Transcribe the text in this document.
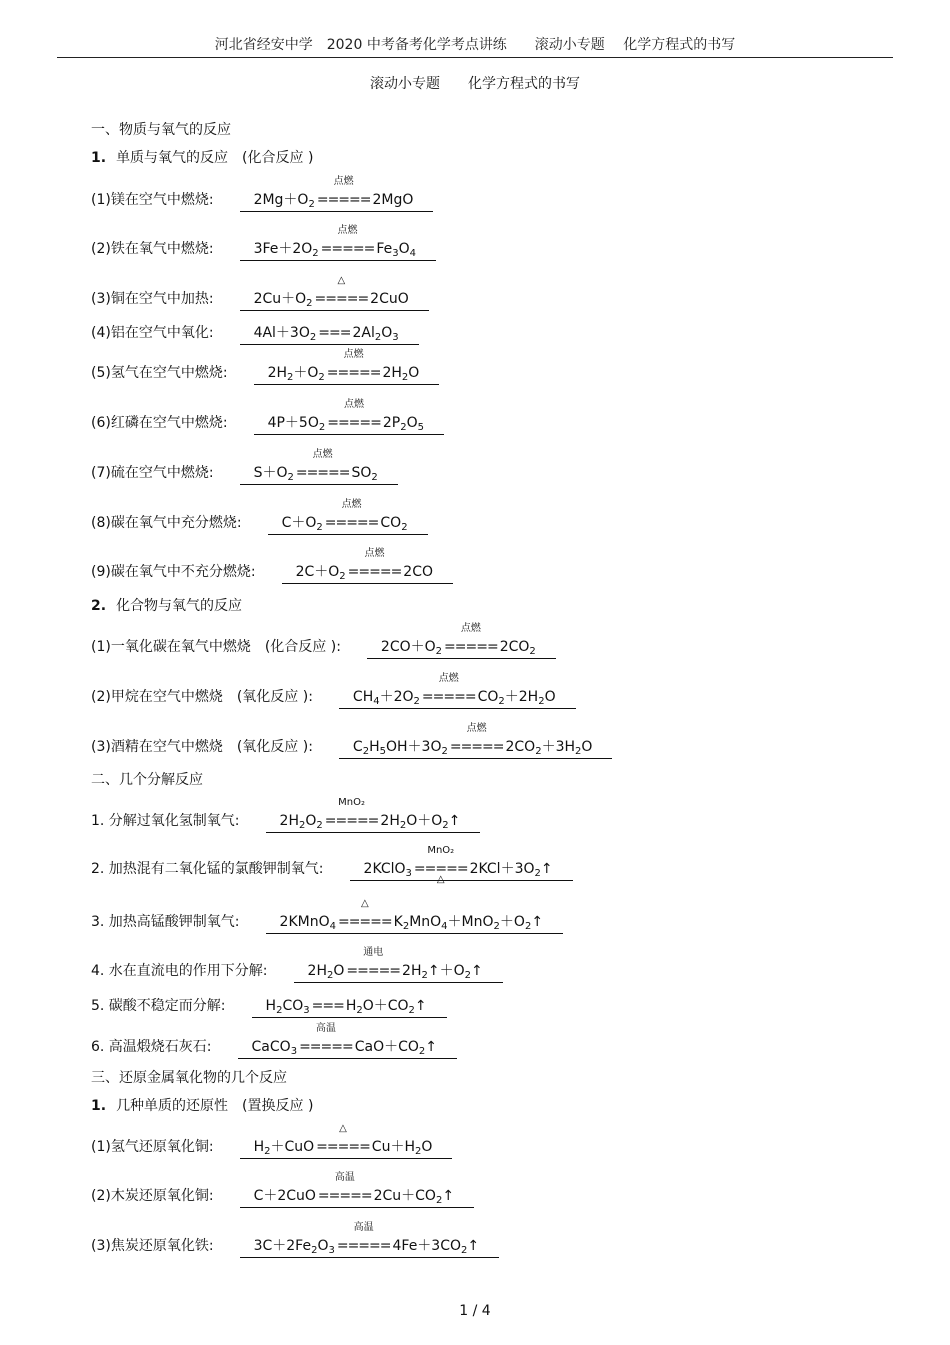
河北省经安中学　2020 中考备考化学考点讲练　　滚动小专题　 化学方程式的书写
滚动小专题　　化学方程式的书写
一、物质与氧气的反应
1. 单质与氧气的反应　(化合反应 )
(1)镁在空气中燃烧:	$2Mg+O_2$
点燃
===== 2MgO
(2)铁在氧气中燃烧:	$3Fe+2O_2$
点燃
===== $Fe_3O_4$
(3)铜在空气中加热:	$2Cu+O_2$
△
===== 2CuO
(4)铝在空气中氧化:	$4Al+3O_2$ === $2Al_2O_3$
(5)氢气在空气中燃烧:	$2H_2+O_2$
点燃
===== $2H_2O$
(6)红磷在空气中燃烧:	$4P+5O_2$
点燃
===== $2P_2O_5$
(7)硫在空气中燃烧:	$S+O_2$
点燃
===== $SO_2$
(8)碳在氧气中充分燃烧:	$C+O_2$
点燃
===== $CO_2$
(9)碳在氧气中不充分燃烧:	$2C+O_2$
点燃
===== 2CO
2. 化合物与氧气的反应
(1)一氧化碳在氧气中燃烧　(化合反应 ):	$2CO+O_2$
点燃
===== $2CO_2$
(2)甲烷在空气中燃烧　(氧化反应 ):	$CH_4+2O_2$
点燃
===== $CO_2+2H_2O$
(3)酒精在空气中燃烧　(氧化反应 ):	$C_2H_5OH+3O_2$
点燃
===== $2CO_2+3H_2O$
二、几个分解反应
1. 分解过氧化氢制氧气:	$2H_2O_2$
MnO₂
===== $2H_2O+O_2↑$
2. 加热混有二氧化锰的氯酸钾制氧气:	2KClO$_3$
MnO₂
△
===== $2KCl+3O_2↑$
3. 加热高锰酸钾制氧气:	2KMnO$_4$
△
===== $K_2MnO_4+MnO_2+O_2↑$
4. 水在直流电的作用下分解:	$2H_2O$
通电
===== $2H_2↑+O_2↑$
5. 碳酸不稳定而分解:	$H_2CO_3$ === $H_2O+CO_2↑$
6. 高温煅烧石灰石:	CaCO$_3$
高温
===== $CaO+CO_2↑$
三、还原金属氧化物的几个反应
1. 几种单质的还原性　(置换反应 )
(1)氢气还原氧化铜:	$H_2+CuO$
△
===== $Cu+H_2O$
(2)木炭还原氧化铜:	C＋2CuO
高温
===== $2Cu+CO_2↑$
(3)焦炭还原氧化铁:	$3C+2Fe_2O_3$
高温
===== $4Fe+3CO_2↑$
1 / 4
